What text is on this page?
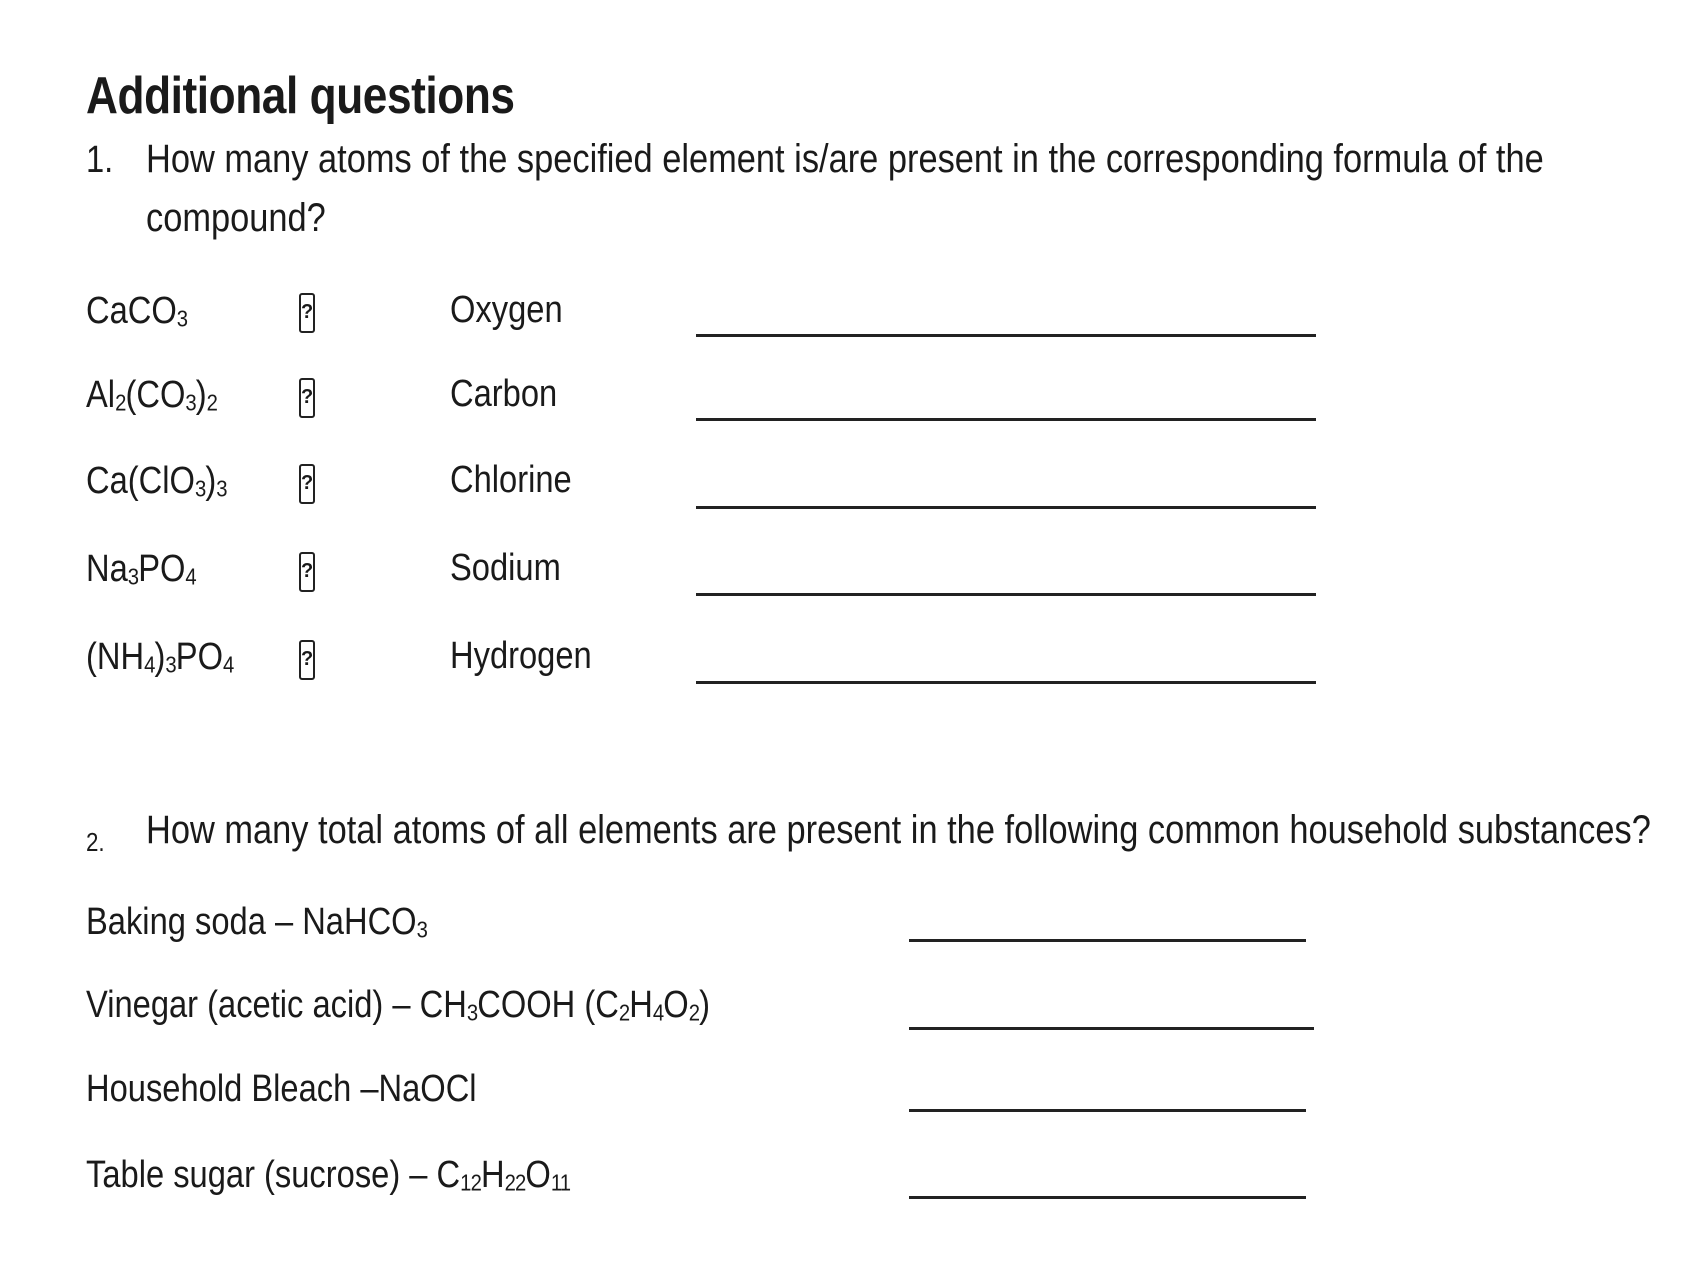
Additional questions
1. How many atoms of the specified element is/are present in the corresponding formula of the
compound?
CaCO3	?	Oxygen
Al2(CO3)2	?	Carbon
Ca(ClO3)3	?	Chlorine
Na3PO4	?	Sodium
(NH4)3PO4	?	Hydrogen
2. How many total atoms of all elements are present in the following common household substances?
Baking soda – NaHCO3
Vinegar (acetic acid) – CH3COOH (C2H4O2)
Household Bleach –NaOCl
Table sugar (sucrose) – C12H22O11
